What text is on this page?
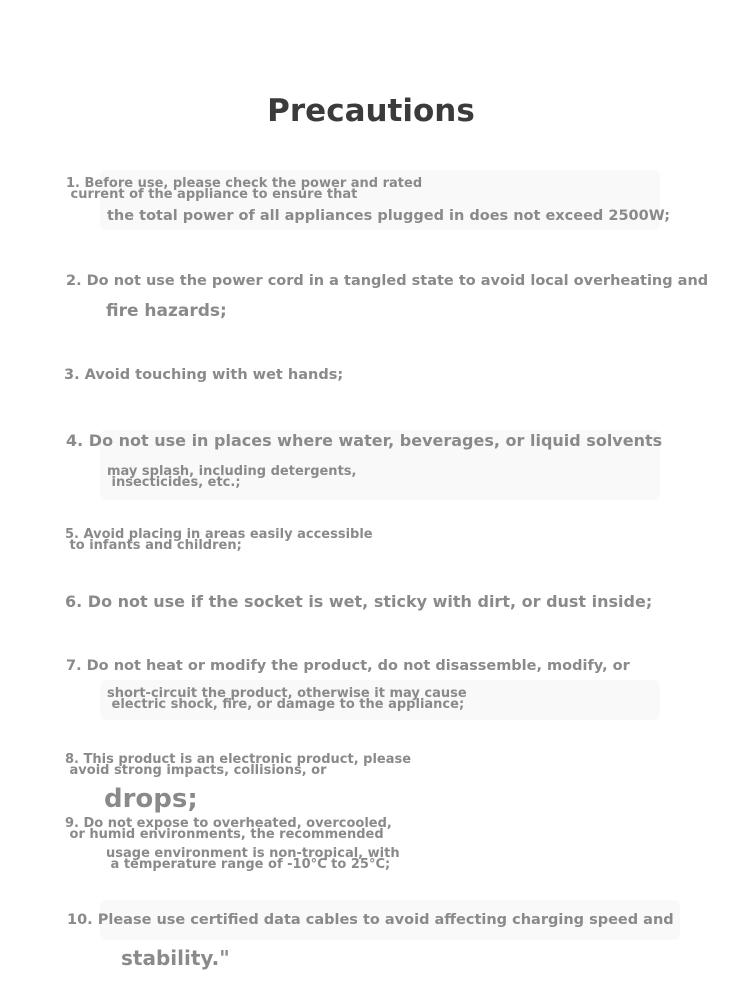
Precautions

1. Before use, please check the power and rated

current of the appliance to ensure that

the total power of all appliances plugged in does not exceed 2500W;

2. Do not use the power cord in a tangled state to avoid local overheating and

fire hazards;

3. Avoid touching with wet hands;

4. Do not use in places where water, beverages, or liquid solvents

may splash, including detergents,

insecticides, etc.;

5. Avoid placing in areas easily accessible

to infants and children;

6. Do not use if the socket is wet, sticky with dirt, or dust inside;

7. Do not heat or modify the product, do not disassemble, modify, or

short-circuit the product, otherwise it may cause

electric shock, fire, or damage to the appliance;

8. This product is an electronic product, please

avoid strong impacts, collisions, or

drops;

9. Do not expose to overheated, overcooled,

or humid environments, the recommended

usage environment is non-tropical, with

a temperature range of -10°C to 25°C;

10. Please use certified data cables to avoid affecting charging speed and

stability."
